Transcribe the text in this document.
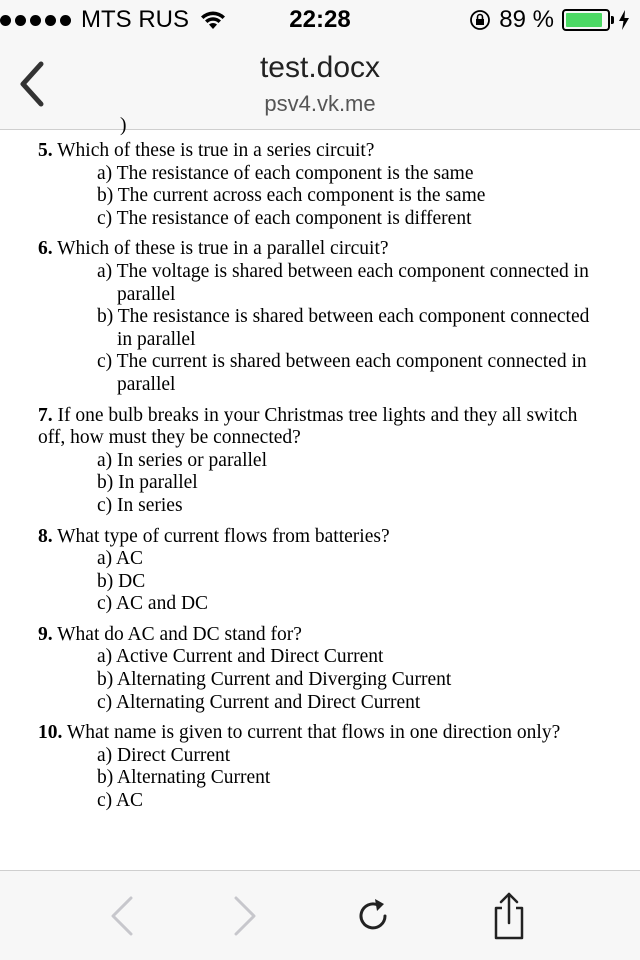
MTS RUS	22:28	89 %
test.docx
psv4.vk.me
)
5. Which of these is true in a series circuit?
a) The resistance of each component is the same
b) The current across each component is the same
c) The resistance of each component is different
6. Which of these is true in a parallel circuit?
a) The voltage is shared between each component connected in parallel
b) The resistance is shared between each component connected in parallel
c) The current is shared between each component connected in parallel
7. If one bulb breaks in your Christmas tree lights and they all switch off, how must they be connected?
a) In series or parallel
b) In parallel
c) In series
8. What type of current flows from batteries?
a) AC
b) DC
c) AC and DC
9. What do AC and DC stand for?
a) Active Current and Direct Current
b) Alternating Current and Diverging Current
c) Alternating Current and Direct Current
10. What name is given to current that flows in one direction only?
a) Direct Current
b) Alternating Current
c) AC
